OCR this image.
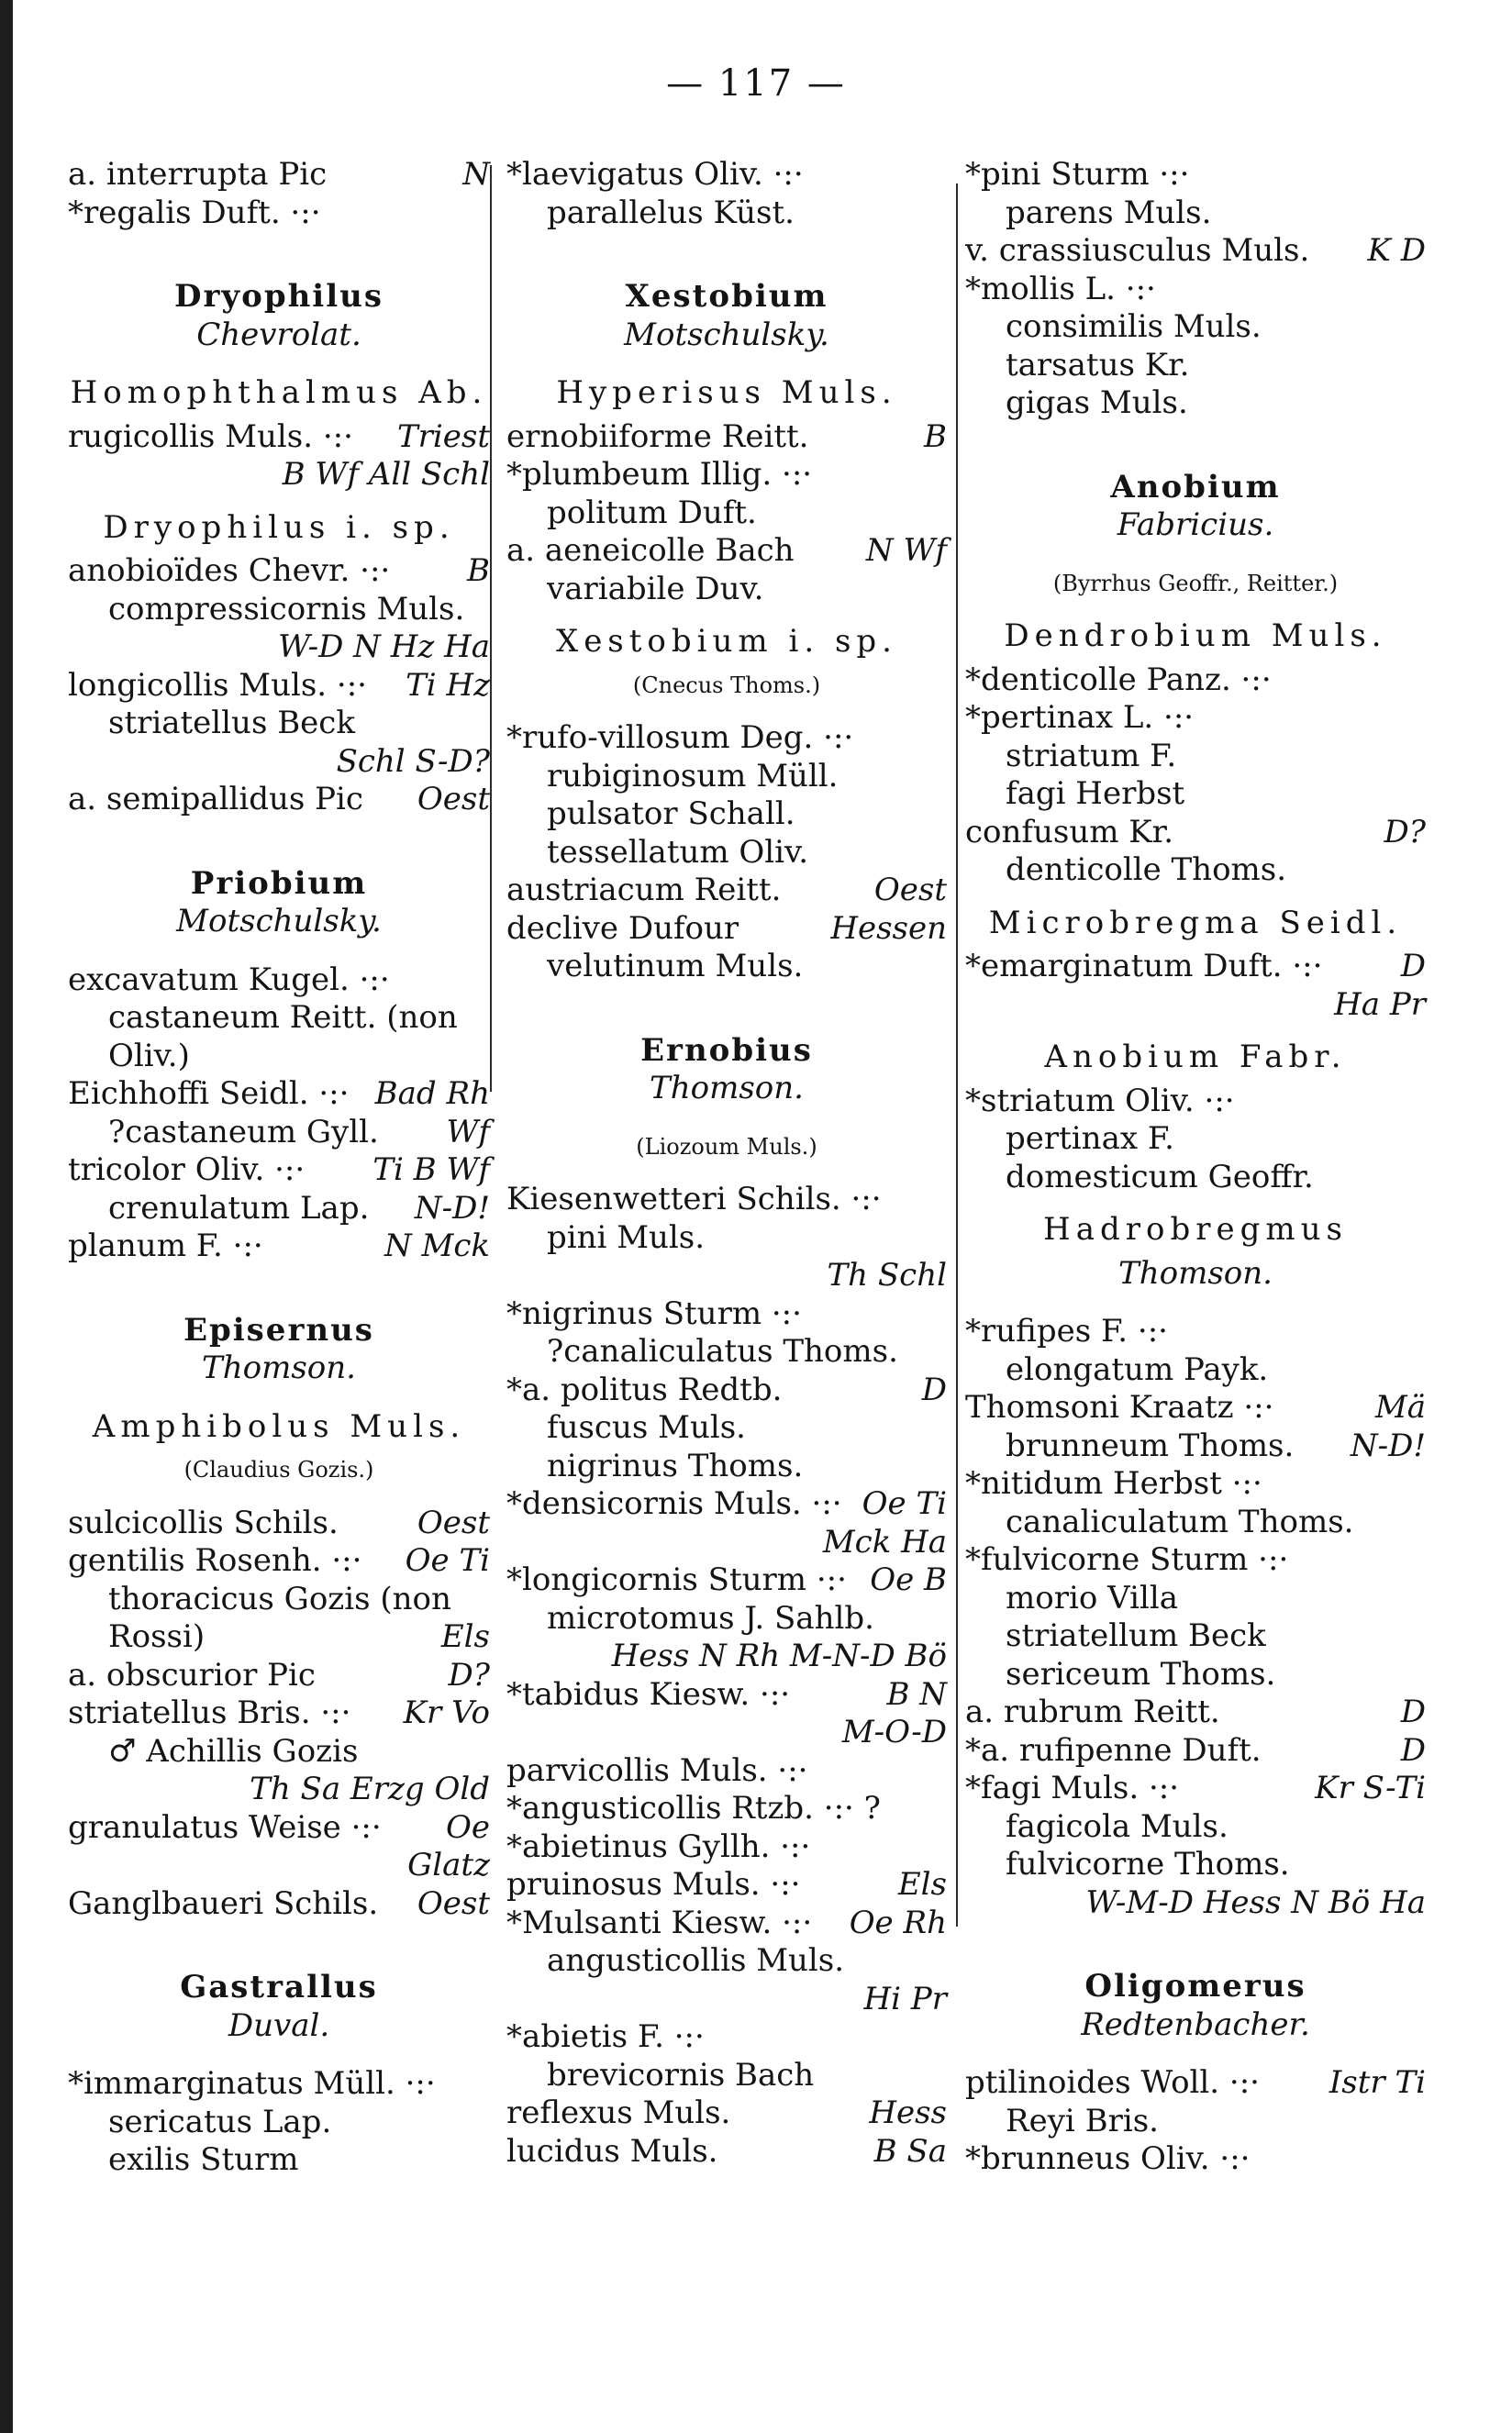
— 117 —
a. interrupta Pic	N
*regalis Duft. ·:·
Dryophilus
Chevrolat.
Homophthalmus Ab.
rugicollis Muls. ·:· Triest
B Wf All Schl
Dryophilus i. sp.
anobioïdes Chevr. ·:· B
compressicornis Muls.
W-D N Hz Ha
longicollis Muls. ·:· Ti Hz
striatellus Beck
Schl S-D?
a. semipallidus Pic Oest
Priobium
Motschulsky.
excavatum Kugel. ·:·
castaneum Reitt. (non
Oliv.)
Eichhoffi Seidl. ·:· Bad Rh
?castaneum Gyll. Wf
tricolor Oliv. ·:· Ti B Wf
crenulatum Lap. N-D!
planum F. ·:·	N Mck
Episernus
Thomson.
Amphibolus Muls.
(Claudius Gozis.)
sulcicollis Schils.	Oest
gentilis Rosenh. ·:· Oe Ti
thoracicus Gozis (non
Rossi)	Els
a. obscurior Pic	D?
striatellus Bris. ·:· Kr Vo
♂ Achillis Gozis
Th Sa Erzg Old
granulatus Weise ·:· Oe
Glatz
Ganglbaueri Schils. Oest
Gastrallus
Duval.
*immarginatus Müll. ·:·
sericatus Lap.
exilis Sturm
*laevigatus Oliv. ·:·
parallelus Küst.
Xestobium
Motschulsky.
Hyperisus Muls.
ernobiiforme Reitt.	B
*plumbeum Illig. ·:·
politum Duft.
a. aeneicolle Bach N Wf
variabile Duv.
Xestobium i. sp.
(Cnecus Thoms.)
*rufo-villosum Deg. ·:·
rubiginosum Müll.
pulsator Schall.
tessellatum Oliv.
austriacum Reitt.	Oest
declive Dufour	Hessen
velutinum Muls.
Ernobius
Thomson.
(Liozoum Muls.)
Kiesenwetteri Schils. ·:·
pini Muls.
Th Schl
*nigrinus Sturm ·:·
?canaliculatus Thoms.
*a. politus Redtb.	D
fuscus Muls.
nigrinus Thoms.
*densicornis Muls. ·:· Oe Ti
Mck Ha
*longicornis Sturm ·:· Oe B
microtomus J. Sahlb.
Hess N Rh M-N-D Bö
*tabidus Kiesw. ·:·	B N
M-O-D
parvicollis Muls. ·:·
*angusticollis Rtzb. ·:· ?
*abietinus Gyllh. ·:·
pruinosus Muls. ·:·	Els
*Mulsanti Kiesw. ·:· Oe Rh
angusticollis Muls.
Hi Pr
*abietis F. ·:·
brevicornis Bach
reflexus Muls.	Hess
lucidus Muls.	B Sa
*pini Sturm ·:·
parens Muls.
v. crassiusculus Muls. K D
*mollis L. ·:·
consimilis Muls.
tarsatus Kr.
gigas Muls.
Anobium
Fabricius.
(Byrrhus Geoffr., Reitter.)
Dendrobium Muls.
*denticolle Panz. ·:·
*pertinax L. ·:·
striatum F.
fagi Herbst
confusum Kr.	D?
denticolle Thoms.
Microbregma Seidl.
*emarginatum Duft. ·:·	D
Ha Pr
Anobium Fabr.
*striatum Oliv. ·:·
pertinax F.
domesticum Geoffr.
Hadrobregmus
Thomson.
*rufipes F. ·:·
elongatum Payk.
Thomsoni Kraatz ·:·	Mä
brunneum Thoms. N-D!
*nitidum Herbst ·:·
canaliculatum Thoms.
*fulvicorne Sturm ·:·
morio Villa
striatellum Beck
sericeum Thoms.
a. rubrum Reitt.	D
*a. rufipenne Duft.	D
*fagi Muls. ·:·	Kr S-Ti
fagicola Muls.
fulvicorne Thoms.
W-M-D Hess N Bö Ha
Oligomerus
Redtenbacher.
ptilinoides Woll. ·:· Istr Ti
Reyi Bris.
*brunneus Oliv. ·:·
